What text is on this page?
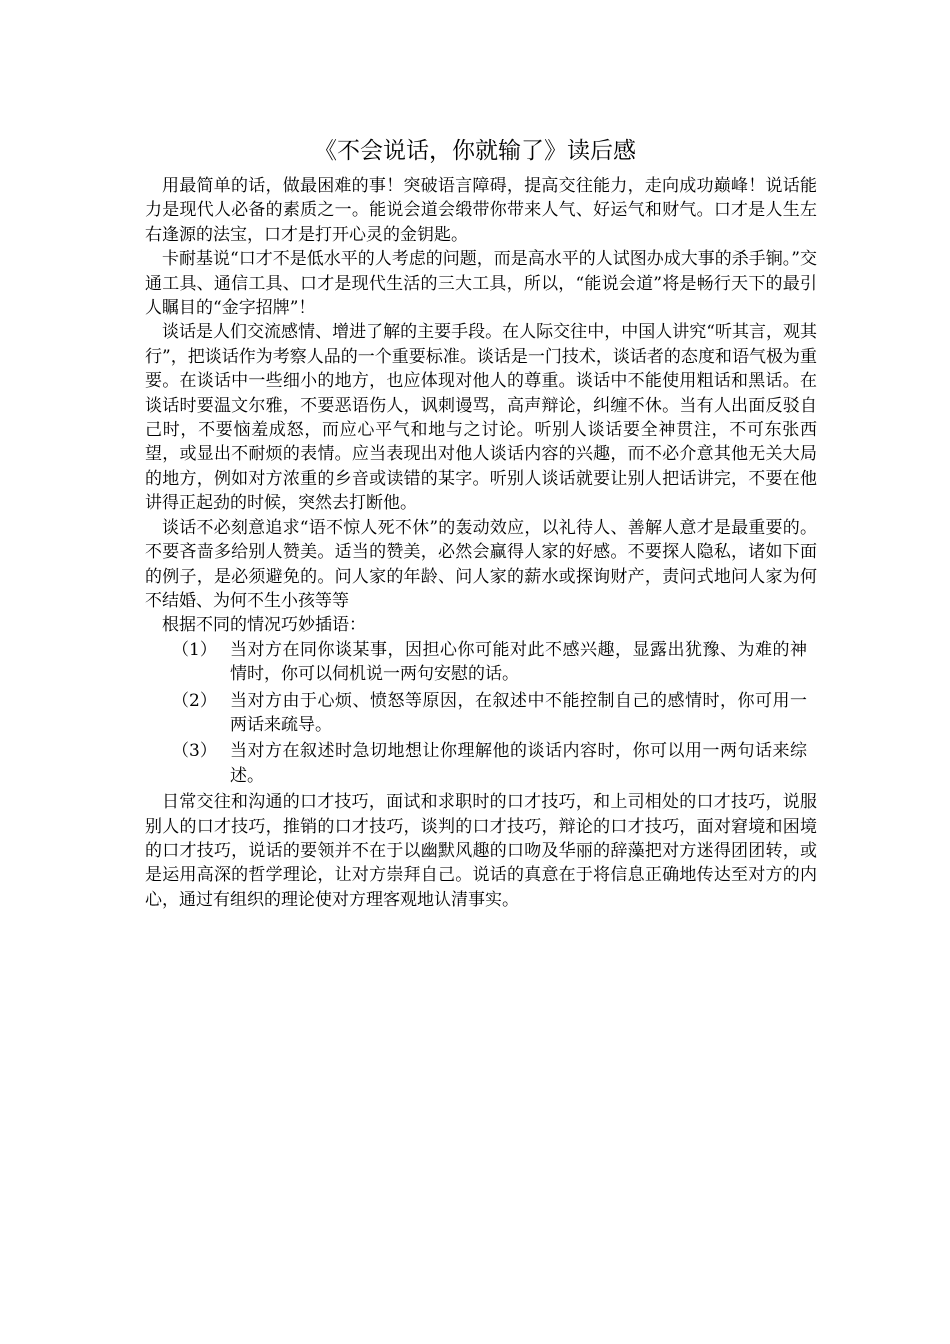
《不会说话，你就输了》读后感

用最简单的话，做最困难的事！突破语言障碍，提高交往能力，走向成功巅峰！说话能力是现代人必备的素质之一。能说会道会缎带你带来人气、好运气和财气。口才是人生左右逢源的法宝，口才是打开心灵的金钥匙。

卡耐基说“口才不是低水平的人考虑的问题，而是高水平的人试图办成大事的杀手锏。”交通工具、通信工具、口才是现代生活的三大工具，所以，“能说会道”将是畅行天下的最引人瞩目的“金字招牌”！

谈话是人们交流感情、增进了解的主要手段。在人际交往中，中国人讲究“听其言，观其行”，把谈话作为考察人品的一个重要标准。谈话是一门技术，谈话者的态度和语气极为重要。在谈话中一些细小的地方，也应体现对他人的尊重。谈话中不能使用粗话和黑话。在谈话时要温文尔雅，不要恶语伤人，讽刺谩骂，高声辩论，纠缠不休。当有人出面反驳自己时，不要恼羞成怒，而应心平气和地与之讨论。听别人谈话要全神贯注，不可东张西望，或显出不耐烦的表情。应当表现出对他人谈话内容的兴趣，而不必介意其他无关大局的地方，例如对方浓重的乡音或读错的某字。听别人谈话就要让别人把话讲完，不要在他讲得正起劲的时候，突然去打断他。

谈话不必刻意追求“语不惊人死不休”的轰动效应，以礼待人、善解人意才是最重要的。不要吝啬多给别人赞美。适当的赞美，必然会赢得人家的好感。不要探人隐私，诸如下面的例子，是必须避免的。问人家的年龄、问人家的薪水或探询财产，责问式地问人家为何不结婚、为何不生小孩等等

根据不同的情况巧妙插语：

（1） 当对方在同你谈某事，因担心你可能对此不感兴趣，显露出犹豫、为难的神情时，你可以伺机说一两句安慰的话。
（2） 当对方由于心烦、愤怒等原因，在叙述中不能控制自己的感情时，你可用一两话来疏导。
（3） 当对方在叙述时急切地想让你理解他的谈话内容时，你可以用一两句话来综述。

日常交往和沟通的口才技巧，面试和求职时的口才技巧，和上司相处的口才技巧，说服别人的口才技巧，推销的口才技巧，谈判的口才技巧，辩论的口才技巧，面对窘境和困境的口才技巧，说话的要领并不在于以幽默风趣的口吻及华丽的辞藻把对方迷得团团转，或是运用高深的哲学理论，让对方崇拜自己。说话的真意在于将信息正确地传达至对方的内心，通过有组织的理论使对方理客观地认清事实。
